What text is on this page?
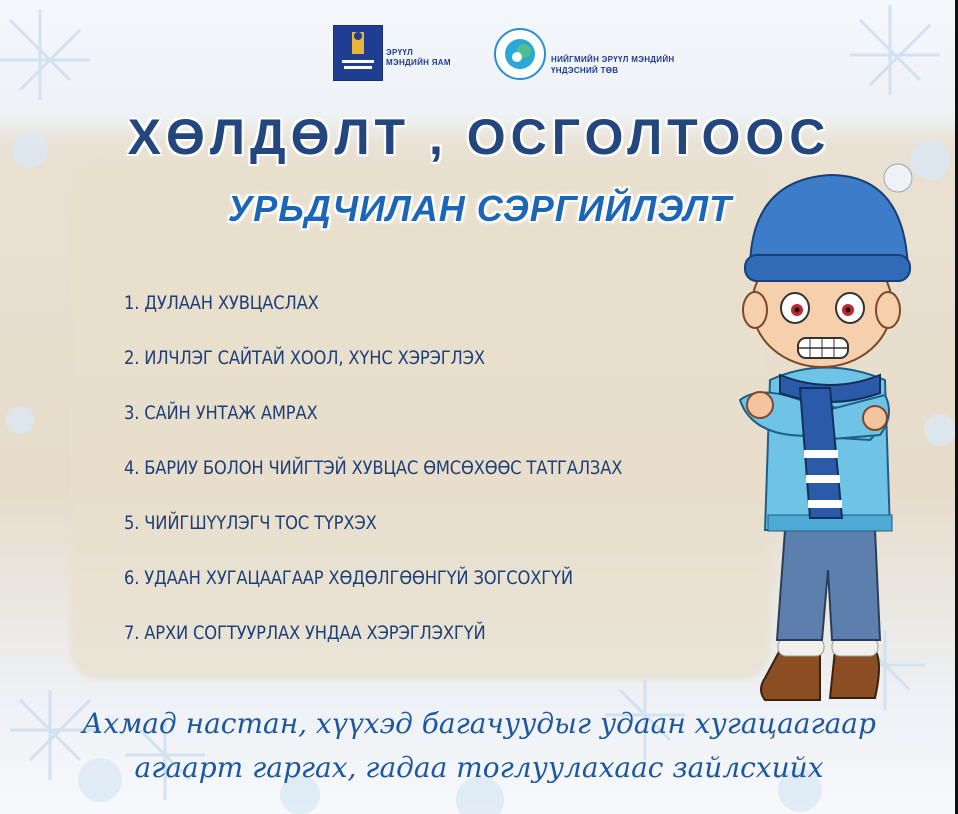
ЭРҮҮЛ
МЭНДИЙН ЯАМ	НИЙГМИЙН ЭРҮҮЛ МЭНДИЙН
ҮНДЭСНИЙ ТӨВ
ХӨЛДӨЛТ , ОСГОЛТООС
УРЬДЧИЛАН СЭРГИЙЛЭЛТ
1. ДУЛААН ХУВЦАСЛАХ
2. ИЛЧЛЭГ САЙТАЙ ХООЛ, ХҮНС ХЭРЭГЛЭХ
3. САЙН УНТАЖ АМРАХ
4. БАРИУ БОЛОН ЧИЙГТЭЙ ХУВЦАС ӨМСӨХӨӨС ТАТГАЛЗАХ
5. ЧИЙГШҮҮЛЭГЧ ТОС ТҮРХЭХ
6. УДААН ХУГАЦААГААР ХӨДӨЛГӨӨНГҮЙ ЗОГСОХГҮЙ
7. АРХИ СОГТУУРЛАХ УНДАА ХЭРЭГЛЭХГҮЙ
Ахмад настан, хүүхэд багачуудыг удаан хугацаагаар
агаарт гаргах, гадаа тоглуулахаас зайлсхийх
